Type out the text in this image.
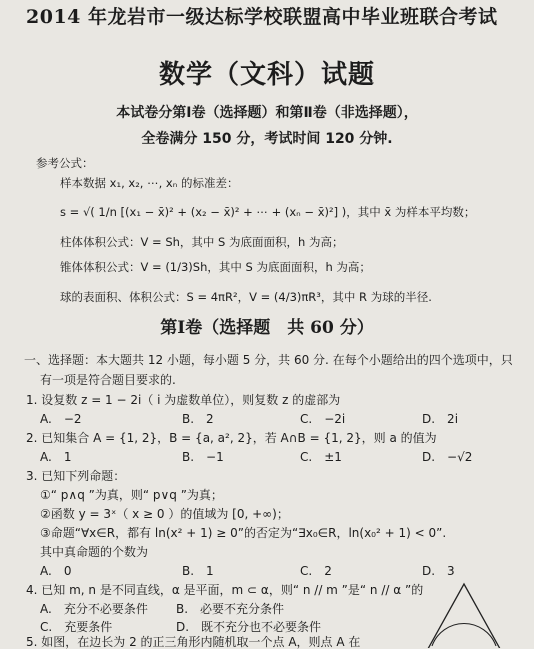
2014 年龙岩市一级达标学校联盟高中毕业班联合考试
数学（文科）试题
本试卷分第Ⅰ卷（选择题）和第Ⅱ卷（非选择题），
全卷满分 150 分，考试时间 120 分钟.
参考公式：
样本数据 x₁, x₂, ⋯, xₙ 的标准差：
s = √( 1/n [(x₁ − x̄)² + (x₂ − x̄)² + ⋯ + (xₙ − x̄)²] )，其中 x̄ 为样本平均数；
柱体体积公式：V = Sh，其中 S 为底面面积，h 为高；
锥体体积公式：V = (1/3)Sh，其中 S 为底面面积，h 为高；
球的表面积、体积公式：S = 4πR²，V = (4/3)πR³，其中 R 为球的半径.
第Ⅰ卷（选择题　共 60 分）
一、选择题：本大题共 12 小题，每小题 5 分，共 60 分. 在每个小题给出的四个选项中，只
有一项是符合题目要求的.
1. 设复数 z = 1 − 2i（ i 为虚数单位），则复数 z 的虚部为
A.　−2	B.　2	C.　−2i	D.　2i
2. 已知集合 A = {1, 2}，B = {a, a², 2}，若 A∩B = {1, 2}，则 a 的值为
A.　1	B.　−1	C.　±1	D.　−√2
3. 已知下列命题：
①“ p∧q ”为真，则“ p∨q ”为真；
②函数 y = 3ˣ（ x ≥ 0 ）的值域为 [0, +∞)；
③命题“∀x∈R，都有 ln(x² + 1) ≥ 0”的否定为“∃x₀∈R，ln(x₀² + 1) < 0”.
其中真命题的个数为
A.　0	B.　1	C.　2	D.　3
4. 已知 m, n 是不同直线，α 是平面，m ⊂ α，则“ n // m ”是“ n // α ”的
A.　充分不必要条件 B.　必要不充分条件
C.　充要条件	D.　既不充分也不必要条件
5. 如图，在边长为 2 的正三角形内随机取一个点 A，则点 A 在
